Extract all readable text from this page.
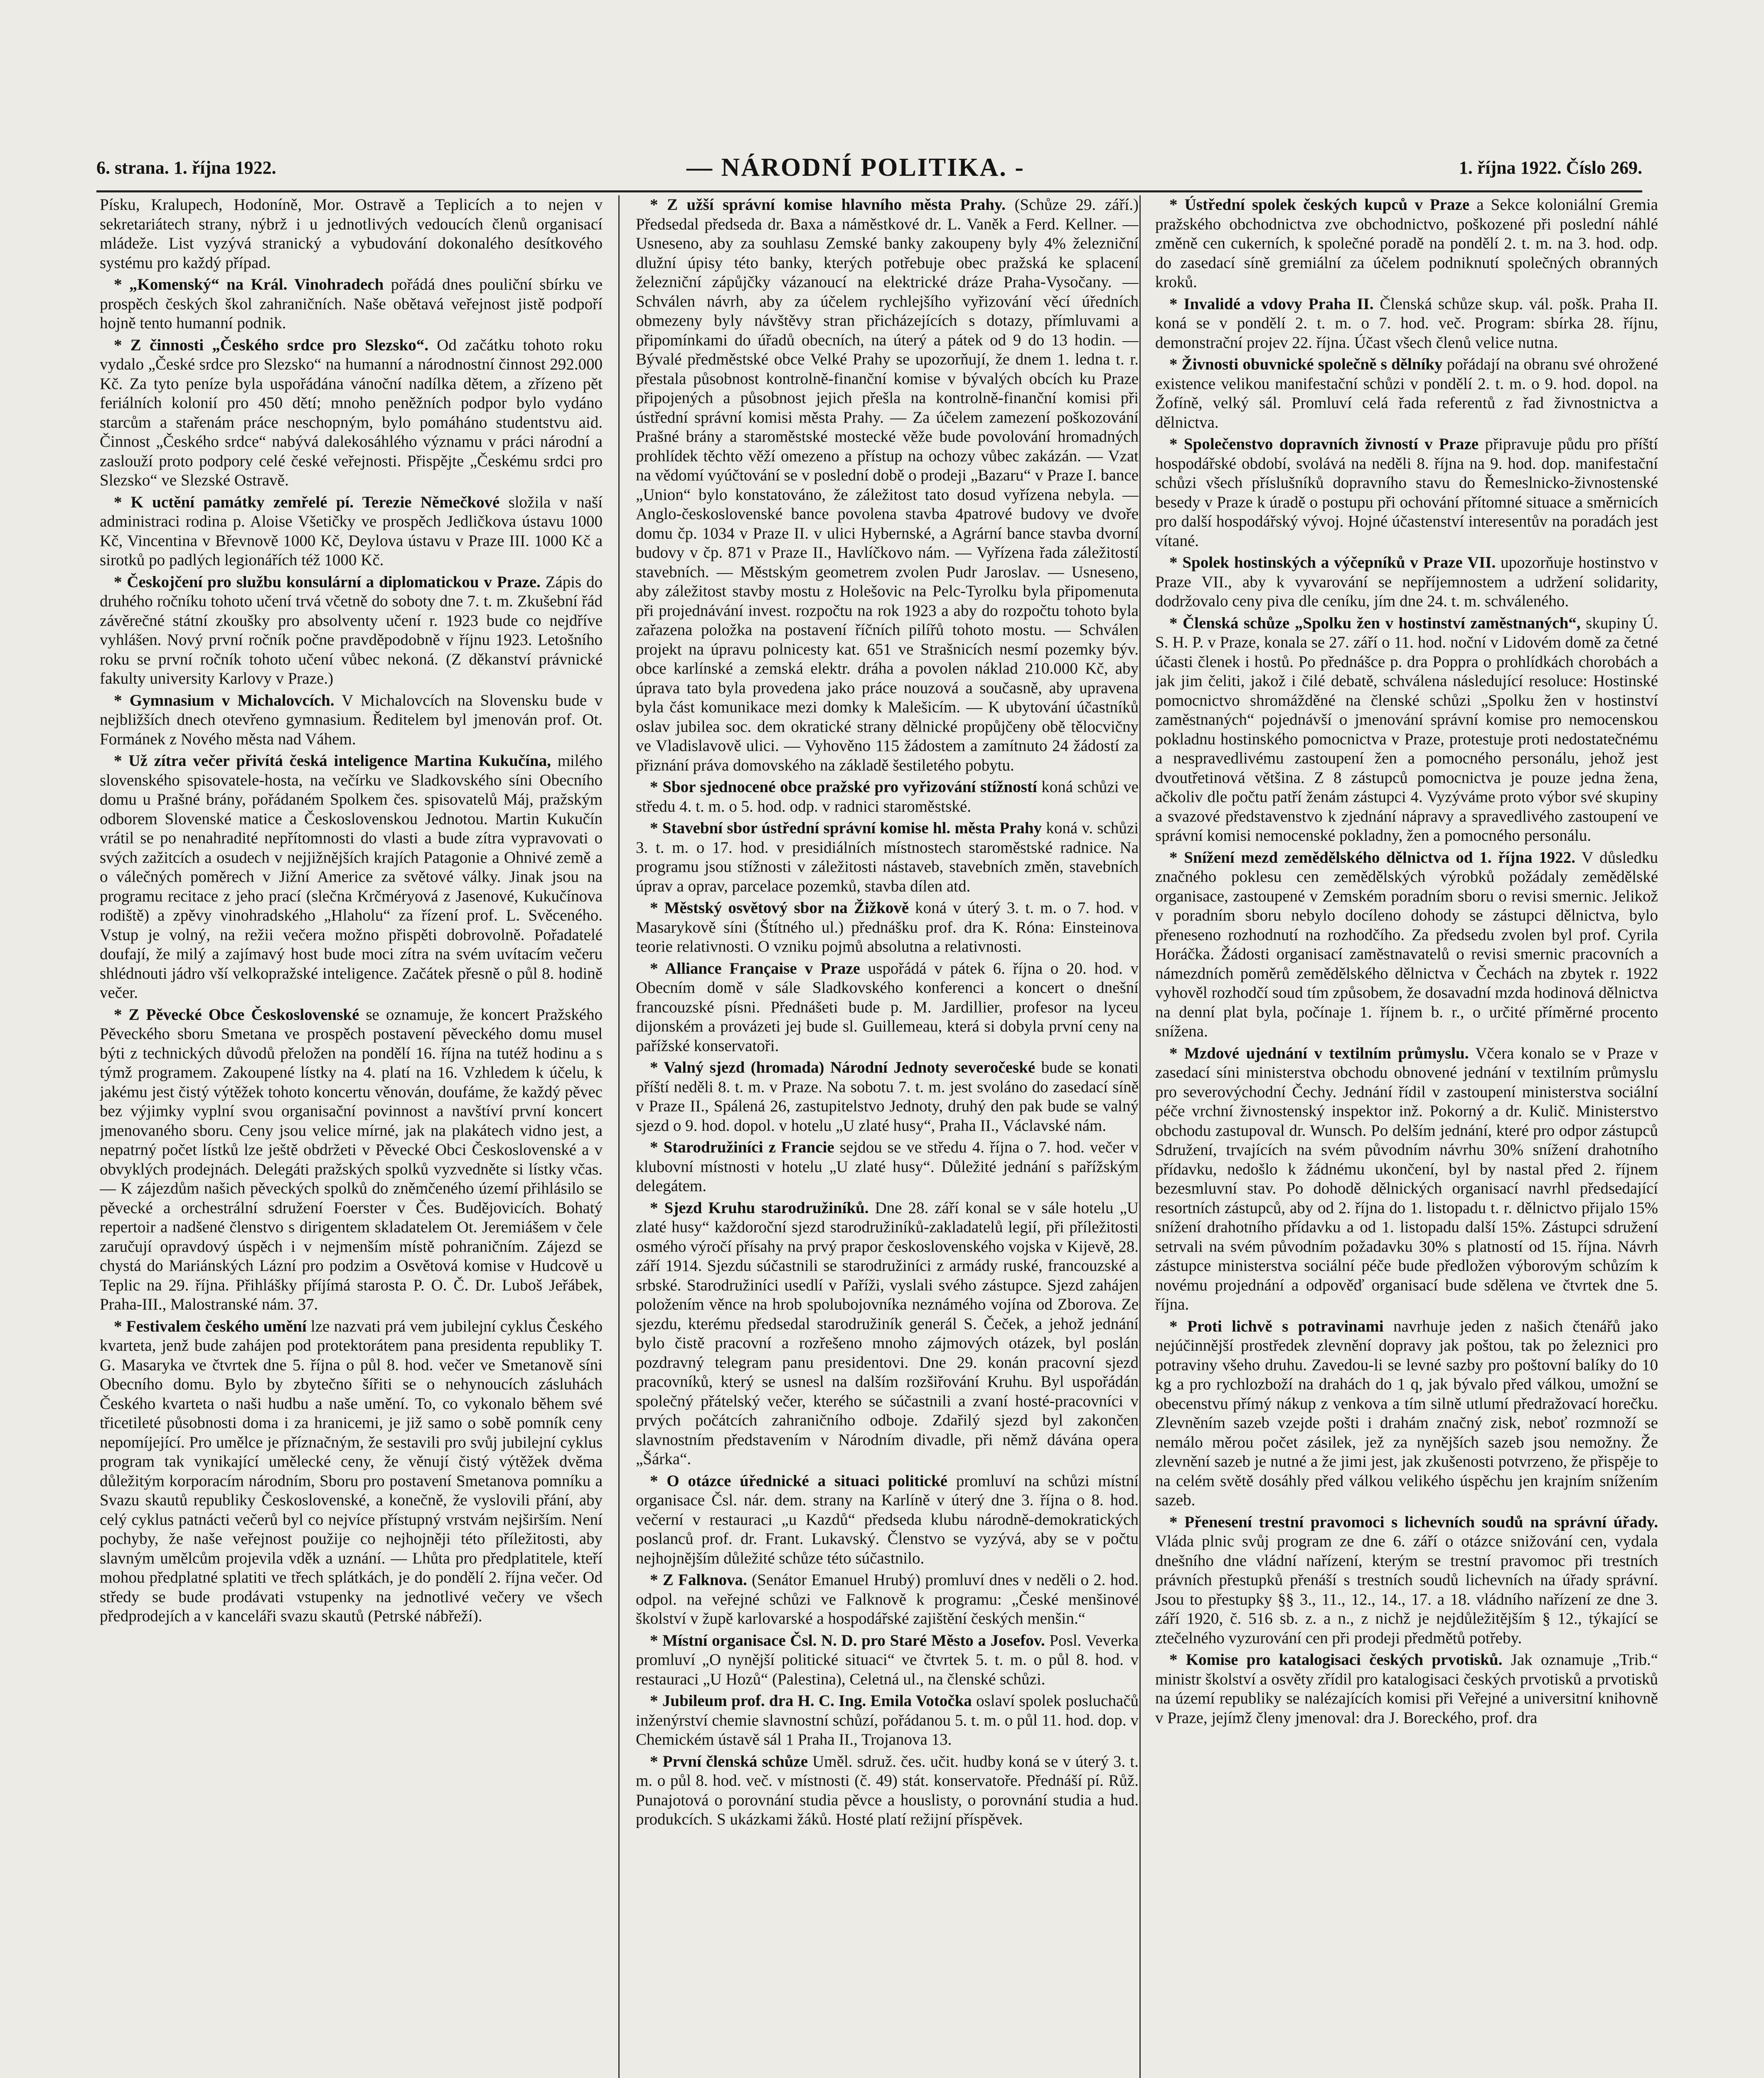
6. strana. 1. října 1922.	— NÁRODNÍ POLITIKA. -	1. října 1922. Číslo 269.

Písku, Kralupech, Hodoníně, Mor. Ostravě a Teplicích a to nejen v sekretariátech strany, nýbrž i u jednotlivých vedoucích členů organisací mládeže. List vyzývá stranický a vybudování dokonalého desítkového systému pro každý případ.

* „Komenský“ na Král. Vinohradech pořádá dnes pouliční sbírku ve prospěch českých škol zahraničních. Naše obětavá veřejnost jistě podpoří hojně tento humanní podnik.

* Z činnosti „Českého srdce pro Slezsko“. Od začátku tohoto roku vydalo „České srdce pro Slezsko“ na humanní a národnostní činnost 292.000 Kč. Za tyto peníze byla uspořádána vánoční nadílka dětem, a zřízeno pět feriálních kolonií pro 450 dětí; mnoho peněžních podpor bylo vydáno starcům a stařenám práce neschopným, bylo pomáháno studentstvu aid. Činnost „Českého srdce“ nabývá dalekosáhlého významu v práci národní a zaslouží proto podpory celé české veřejnosti. Přispějte „Českému srdci pro Slezsko“ ve Slezské Ostravě.

* K uctění památky zemřelé pí. Terezie Němečkové složila v naší administraci rodina p. Aloise Všetičky ve prospěch Jedličkova ústavu 1000 Kč, Vincentina v Břevnově 1000 Kč, Deylova ústavu v Praze III. 1000 Kč a sirotků po padlých legionářích též 1000 Kč.

* Českojčení pro službu konsulární a diplomatickou v Praze. Zápis do druhého ročníku tohoto učení trvá včetně do soboty dne 7. t. m. Zkušební řád závěrečné státní zkoušky pro absolventy učení r. 1923 bude co nejdříve vyhlášen. Nový první ročník počne pravděpodobně v říjnu 1923. Letošního roku se první ročník tohoto učení vůbec nekoná. (Z děkanství právnické fakulty university Karlovy v Praze.)

* Gymnasium v Michalovcích. V Michalovcích na Slovensku bude v nejbližších dnech otevřeno gymnasium. Ředitelem byl jmenován prof. Ot. Formánek z Nového města nad Váhem.

* Už zítra večer přivítá česká inteligence Martina Kukučína, milého slovenského spisovatele-hosta, na večírku ve Sladkovského síni Obecního domu u Prašné brány, pořádaném Spolkem čes. spisovatelů Máj, pražským odborem Slovenské matice a Československou Jednotou. Martin Kukučín vrátil se po nenahradité nepřítomnosti do vlasti a bude zítra vypravovati o svých zažitcích a osudech v nejjižnějších krajích Patagonie a Ohnivé země a o válečných poměrech v Jižní Americe za světové války. Jinak jsou na programu recitace z jeho prací (slečna Krčméryová z Jasenové, Kukučínova rodiště) a zpěvy vinohradského „Hlaholu“ za řízení prof. L. Svěceného. Vstup je volný, na režii večera možno přispěti dobrovolně. Pořadatelé doufají, že milý a zajímavý host bude moci zítra na svém uvítacím večeru shlédnouti jádro vší velkopražské inteligence. Začátek přesně o půl 8. hodině večer.

* Z Pěvecké Obce Československé se oznamuje, že koncert Pražského Pěveckého sboru Smetana ve prospěch postavení pěveckého domu musel býti z technických důvodů přeložen na pondělí 16. října na tutéž hodinu a s týmž programem. Zakoupené lístky na 4. platí na 16. Vzhledem k účelu, k jakému jest čistý výtěžek tohoto koncertu věnován, doufáme, že každý pěvec bez výjimky vyplní svou organisační povinnost a navštíví první koncert jmenovaného sboru. Ceny jsou velice mírné, jak na plakátech vidno jest, a nepatrný počet lístků lze ještě obdržeti v Pěvecké Obci Československé a v obvyklých prodejnách. Delegáti pražských spolků vyzvedněte si lístky včas. — K zájezdům našich pěveckých spolků do zněmčeného území přihlásilo se pěvecké a orchestrální sdružení Foerster v Čes. Budějovicích. Bohatý repertoir a nadšené členstvo s dirigentem skladatelem Ot. Jeremiášem v čele zaručují opravdový úspěch i v nejmenším místě pohraničním. Zájezd se chystá do Mariánských Lázní pro podzim a Osvětová komise v Hudcově u Teplic na 29. října. Přihlášky příjímá starosta P. O. Č. Dr. Luboš Jeřábek, Praha-III., Malostranské nám. 37.

* Festivalem českého umění lze nazvati prá vem jubilejní cyklus Českého kvarteta, jenž bude zahájen pod protektorátem pana presidenta republiky T. G. Masaryka ve čtvrtek dne 5. října o půl 8. hod. večer ve Smetanově síni Obecního domu. Bylo by zbytečno šířiti se o nehynoucích zásluhách Českého kvarteta o naši hudbu a naše umění. To, co vykonalo během své třicetileté působnosti doma i za hranicemi, je již samo o sobě pomník ceny nepomíjející. Pro umělce je příznačným, že sestavili pro svůj jubilejní cyklus program tak vynikající umělecké ceny, že věnují čistý výtěžek dvěma důležitým korporacím národním, Sboru pro postavení Smetanova pomníku a Svazu skautů republiky Československé, a konečně, že vyslovili přání, aby celý cyklus patnácti večerů byl co nejvíce přístupný vrstvám nejširším. Není pochyby, že naše veřejnost použije co nejhojněji této příležitosti, aby slavným umělcům projevila vděk a uznání. — Lhůta pro předplatitele, kteří mohou předplatné splatiti ve třech splátkách, je do pondělí 2. října večer. Od středy se bude prodávati vstupenky na jednotlivé večery ve všech předprodejích a v kanceláři svazu skautů (Petrské nábřeží).

* Z užší správní komise hlavního města Prahy. (Schůze 29. září.) Předsedal předseda dr. Baxa a náměstkové dr. L. Vaněk a Ferd. Kellner. — Usneseno, aby za souhlasu Zemské banky zakoupeny byly 4% železniční dlužní úpisy této banky, kterých potřebuje obec pražská ke splacení železniční zápůjčky vázanoucí na elektrické dráze Praha-Vysočany. — Schválen návrh, aby za účelem rychlejšího vyřizování věcí úředních obmezeny byly návštěvy stran přicházejících s dotazy, přímluvami a připomínkami do úřadů obecních, na úterý a pátek od 9 do 13 hodin. — Bývalé předměstské obce Velké Prahy se upozorňují, že dnem 1. ledna t. r. přestala působnost kontrolně-finanční komise v bývalých obcích ku Praze připojených a působnost jejich přešla na kontrolně-finanční komisi při ústřední správní komisi města Prahy. — Za účelem zamezení poškozování Prašné brány a staroměstské mostecké věže bude povolování hromadných prohlídek těchto věží omezeno a přístup na ochozy vůbec zakázán. — Vzat na vědomí vyúčtování se v poslední době o prodeji „Bazaru“ v Praze I. bance „Union“ bylo konstatováno, že záležitost tato dosud vyřízena nebyla. — Anglo-československé bance povolena stavba 4patrové budovy ve dvoře domu čp. 1034 v Praze II. v ulici Hybernské, a Agrární bance stavba dvorní budovy v čp. 871 v Praze II., Havlíčkovo nám. — Vyřízena řada záležitostí stavebních. — Městským geometrem zvolen Pudr Jaroslav. — Usneseno, aby záležitost stavby mostu z Holešovic na Pelc-Tyrolku byla připomenuta při projednávání invest. rozpočtu na rok 1923 a aby do rozpočtu tohoto byla zařazena položka na postavení říčních pilířů tohoto mostu. — Schválen projekt na úpravu polnicesty kat. 651 ve Strašnicích nesmí pozemky býv. obce karlínské a zemská elektr. dráha a povolen náklad 210.000 Kč, aby úprava tato byla provedena jako práce nouzová a současně, aby upravena byla část komunikace mezi domky k Malešicím. — K ubytování účastníků oslav jubilea soc. dem okratické strany dělnické propůjčeny obě tělocvičny ve Vladislavově ulici. — Vyhověno 115 žádostem a zamítnuto 24 žádostí za přiznání práva domovského na základě šestiletého pobytu.

* Sbor sjednocené obce pražské pro vyřizování stížností koná schůzi ve středu 4. t. m. o 5. hod. odp. v radnici staroměstské.

* Stavební sbor ústřední správní komise hl. města Prahy koná v. schůzi 3. t. m. o 17. hod. v presidiálních místnostech staroměstské radnice. Na programu jsou stížnosti v záležitosti nástaveb, stavebních změn, stavebních úprav a oprav, parcelace pozemků, stavba dílen atd.

* Městský osvětový sbor na Žižkově koná v úterý 3. t. m. o 7. hod. v Masarykově síni (Štítného ul.) přednášku prof. dra K. Róna: Einsteinova teorie relativnosti. O vzniku pojmů absolutna a relativnosti.

* Alliance Française v Praze uspořádá v pátek 6. října o 20. hod. v Obecním domě v sále Sladkovského konferenci a koncert o dnešní francouzské písni. Přednášeti bude p. M. Jardillier, profesor na lyceu dijonském a provázeti jej bude sl. Guillemeau, která si dobyla první ceny na pařížské konservatoři.

* Valný sjezd (hromada) Národní Jednoty severočeské bude se konati příští neděli 8. t. m. v Praze. Na sobotu 7. t. m. jest svoláno do zasedací síně v Praze II., Spálená 26, zastupitelstvo Jednoty, druhý den pak bude se valný sjezd o 9. hod. dopol. v hotelu „U zlaté husy“, Praha II., Václavské nám.

* Starodružiníci z Francie sejdou se ve středu 4. října o 7. hod. večer v klubovní místnosti v hotelu „U zlaté husy“. Důležité jednání s pařížským delegátem.

* Sjezd Kruhu starodružiníků. Dne 28. září konal se v sále hotelu „U zlaté husy“ každoroční sjezd starodružiníků-zakladatelů legií, při příležitosti osmého výročí přísahy na prvý prapor československého vojska v Kijevě, 28. září 1914. Sjezdu súčastnili se starodružiníci z armády ruské, francouzské a srbské. Starodružiníci usedlí v Paříži, vyslali svého zástupce. Sjezd zahájen položením věnce na hrob spolubojovníka neznámého vojína od Zborova. Ze sjezdu, kterému předsedal starodružiník generál S. Čeček, a jehož jednání bylo čistě pracovní a rozřešeno mnoho zájmových otázek, byl poslán pozdravný telegram panu presidentovi. Dne 29. konán pracovní sjezd pracovníků, který se usnesl na dalším rozšiřování Kruhu. Byl uspořádán společný přátelský večer, kterého se súčastnili a zvaní hosté-pracovníci v prvých počátcích zahraničního odboje. Zdařilý sjezd byl zakončen slavnostním představením v Národním divadle, při němž dávána opera „Šárka“.

* O otázce úřednické a situaci politické promluví na schůzi místní organisace Čsl. nár. dem. strany na Karlíně v úterý dne 3. října o 8. hod. večerní v restauraci „u Kazdů“ předseda klubu národně-demokratických poslanců prof. dr. Frant. Lukavský. Členstvo se vyzývá, aby se v počtu nejhojnějším důležité schůze této súčastnilo.

* Z Falknova. (Senátor Emanuel Hrubý) promluví dnes v neděli o 2. hod. odpol. na veřejné schůzi ve Falknově k programu: „České menšinové školství v župě karlovarské a hospodářské zajištění českých menšin.“

* Místní organisace Čsl. N. D. pro Staré Město a Josefov. Posl. Veverka promluví „O nynější politické situaci“ ve čtvrtek 5. t. m. o půl 8. hod. v restauraci „U Hozů“ (Palestina), Celetná ul., na členské schůzi.

* Jubileum prof. dra H. C. Ing. Emila Votočka oslaví spolek posluchačů inženýrství chemie slavnostní schůzí, pořádanou 5. t. m. o půl 11. hod. dop. v Chemickém ústavě sál 1 Praha II., Trojanova 13.

* První členská schůze Uměl. sdruž. čes. učit. hudby koná se v úterý 3. t. m. o půl 8. hod. več. v místnosti (č. 49) stát. konservatoře. Přednáší pí. Růž. Punajotová o porovnání studia pěvce a houslisty, o porovnání studia a hud. produkcích. S ukázkami žáků. Hosté platí režijní příspěvek.

* Ústřední spolek českých kupců v Praze a Sekce koloniální Gremia pražského obchodnictva zve obchodnictvo, poškozené při poslední náhlé změně cen cukerních, k společné poradě na pondělí 2. t. m. na 3. hod. odp. do zasedací síně gremiální za účelem podniknutí společných obranných kroků.

* Invalidé a vdovy Praha II. Členská schůze skup. vál. pošk. Praha II. koná se v pondělí 2. t. m. o 7. hod. več. Program: sbírka 28. říjnu, demonstrační projev 22. října. Účast všech členů velice nutna.

* Živnosti obuvnické společně s dělníky pořádají na obranu své ohrožené existence velikou manifestační schůzi v pondělí 2. t. m. o 9. hod. dopol. na Žofíně, velký sál. Promluví celá řada referentů z řad živnostnictva a dělnictva.

* Společenstvo dopravních živností v Praze připravuje půdu pro příští hospodářské období, svolává na neděli 8. října na 9. hod. dop. manifestační schůzi všech příslušníků dopravního stavu do Řemeslnicko-živnostenské besedy v Praze k úradě o postupu při ochování přítomné situace a směrnicích pro další hospodářský vývoj. Hojné účastenství interesentův na poradách jest vítané.

* Spolek hostinských a výčepníků v Praze VII. upozorňuje hostinstvo v Praze VII., aby k vyvarování se nepříjemnostem a udržení solidarity, dodržovalo ceny piva dle ceníku, jím dne 24. t. m. schváleného.

* Členská schůze „Spolku žen v hostinství zaměstnaných“, skupiny Ú. S. H. P. v Praze, konala se 27. září o 11. hod. noční v Lidovém domě za četné účasti členek i hostů. Po přednášce p. dra Poppra o prohlídkách chorobách a jak jim čeliti, jakož i čilé debatě, schválena následující resoluce: Hostinské pomocnictvo shromážděné na členské schůzi „Spolku žen v hostinství zaměstnaných“ pojednávší o jmenování správní komise pro nemocenskou pokladnu hostinského pomocnictva v Praze, protestuje proti nedostatečnému a nespravedlivému zastoupení žen a pomocného personálu, jehož jest dvoutřetinová většina. Z 8 zástupců pomocnictva je pouze jedna žena, ačkoliv dle počtu patří ženám zástupci 4. Vyzýváme proto výbor své skupiny a svazové představenstvo k zjednání nápravy a spravedlivého zastoupení ve správní komisi nemocenské pokladny, žen a pomocného personálu.

* Snížení mezd zemědělského dělnictva od 1. října 1922. V důsledku značného poklesu cen zemědělských výrobků požádaly zemědělské organisace, zastoupené v Zemském poradním sboru o revisi smernic. Jelikož v poradním sboru nebylo docíleno dohody se zástupci dělnictva, bylo přeneseno rozhodnutí na rozhodčího. Za předsedu zvolen byl prof. Cyrila Horáčka. Žádosti organisací zaměstnavatelů o revisi smernic pracovních a námezdních poměrů zemědělského dělnictva v Čechách na zbytek r. 1922 vyhověl rozhodčí soud tím způsobem, že dosavadní mzda hodinová dělnictva na denní plat byla, počínaje 1. říjnem b. r., o určité příměrné procento snížena.

* Mzdové ujednání v textilním průmyslu. Včera konalo se v Praze v zasedací síni ministerstva obchodu obnovené jednání v textilním průmyslu pro severovýchodní Čechy. Jednání řídil v zastoupení ministerstva sociální péče vrchní živnostenský inspektor inž. Pokorný a dr. Kulič. Ministerstvo obchodu zastupoval dr. Wunsch. Po delším jednání, které pro odpor zástupců Sdružení, trvajících na svém původním návrhu 30% snížení drahotního přídavku, nedošlo k žádnému ukončení, byl by nastal před 2. říjnem bezesmluvní stav. Po dohodě dělnických organisací navrhl předsedající resortních zástupců, aby od 2. října do 1. listopadu t. r. dělnictvo přijalo 15% snížení drahotního přídavku a od 1. listopadu další 15%. Zástupci sdružení setrvali na svém původním požadavku 30% s platností od 15. října. Návrh zástupce ministerstva sociální péče bude předložen výborovým schůzím k novému projednání a odpověď organisací bude sdělena ve čtvrtek dne 5. října.

* Proti lichvě s potravinami navrhuje jeden z našich čtenářů jako nejúčinnější prostředek zlevnění dopravy jak poštou, tak po železnici pro potraviny všeho druhu. Zavedou-li se levné sazby pro poštovní balíky do 10 kg a pro rychlozboží na drahách do 1 q, jak bývalo před válkou, umožní se obecenstvu přímý nákup z venkova a tím silně utlumí předražovací horečku. Zlevněním sazeb vzejde pošti i drahám značný zisk, neboť rozmnoží se nemálo měrou počet zásilek, jež za nynějších sazeb jsou nemožny. Že zlevnění sazeb je nutné a že jimi jest, jak zkušenosti potvrzeno, že přispěje to na celém světě dosáhly před válkou velikého úspěchu jen krajním snížením sazeb.

* Přenesení trestní pravomoci s lichevních soudů na správní úřady. Vláda plnic svůj program ze dne 6. září o otázce snižování cen, vydala dnešního dne vládní nařízení, kterým se trestní pravomoc při trestních právních přestupků přenáší s trestních soudů lichevních na úřady správní. Jsou to přestupky §§ 3., 11., 12., 14., 17. a 18. vládního nařízení ze dne 3. září 1920, č. 516 sb. z. a n., z nichž je nejdůležitějším § 12., týkající se ztečelného vyzurování cen při prodeji předmětů potřeby.

* Komise pro katalogisaci českých prvotisků. Jak oznamuje „Trib.“ ministr školství a osvěty zřídil pro katalogisaci českých prvotisků a prvotisků na území republiky se nalézajících komisi při Veřejné a universitní knihovně v Praze, jejímž členy jmenoval: dra J. Boreckého, prof. dra
